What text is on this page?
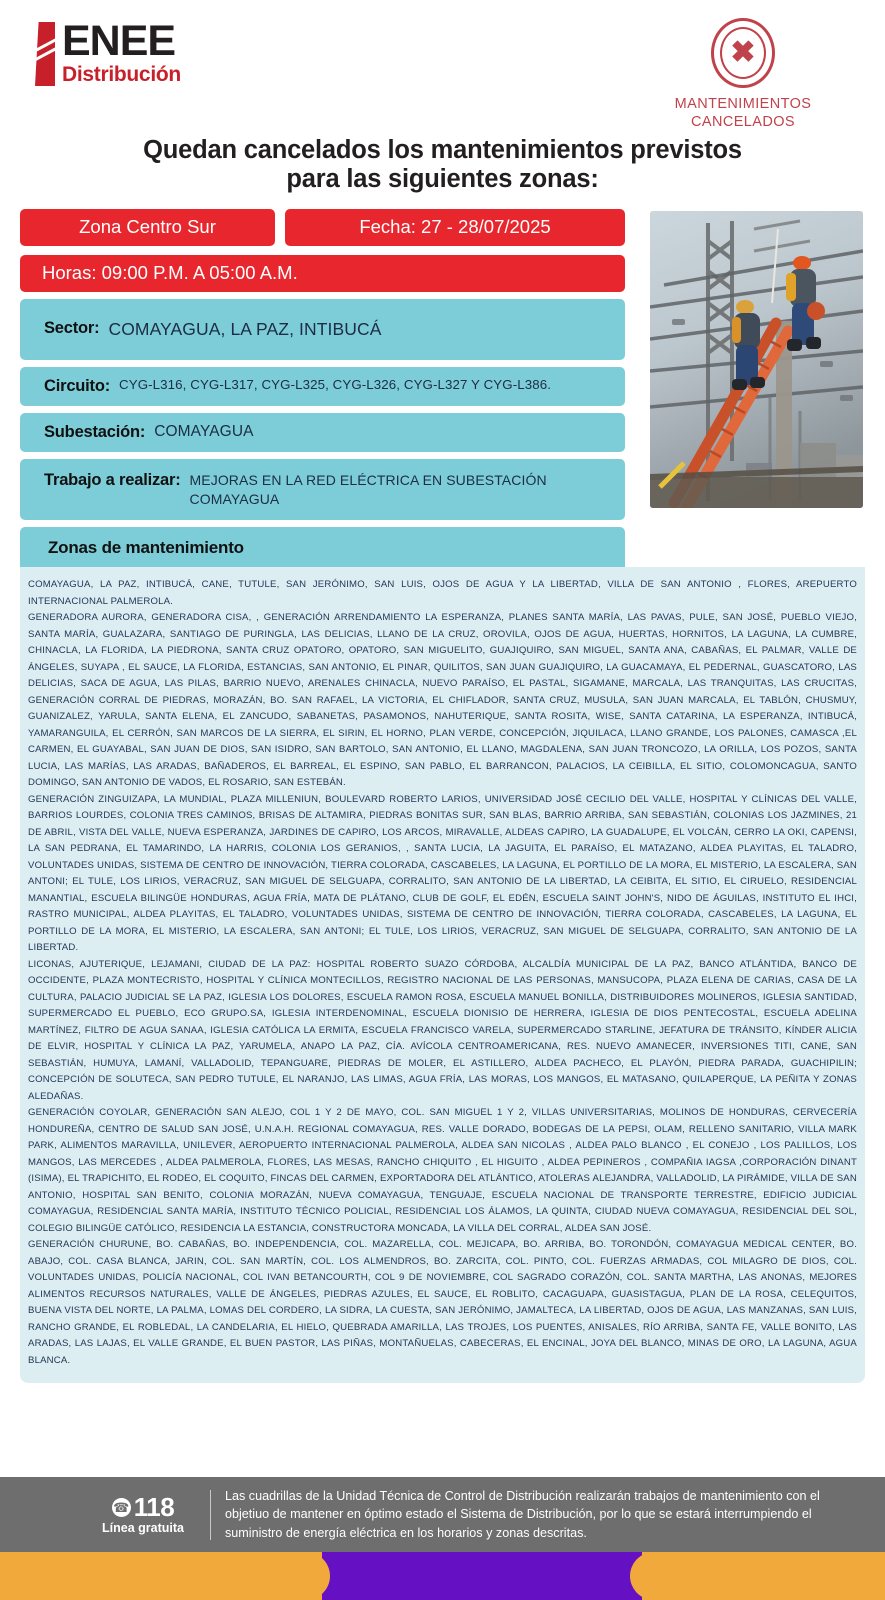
ENEE
Distribución
✖
MANTENIMIENTOS
CANCELADOS
Quedan cancelados los mantenimientos previstos
para las siguientes zonas:
Zona Centro Sur	Fecha: 27 - 28/07/2025
Horas: 09:00 P.M. A 05:00 A.M.
Sector: COMAYAGUA, LA PAZ, INTIBUCÁ
Circuito: CYG-L316, CYG-L317, CYG-L325, CYG-L326, CYG-L327 Y CYG-L386.
Subestación: COMAYAGUA
Trabajo a realizar: MEJORAS EN LA RED ELÉCTRICA EN SUBESTACIÓN COMAYAGUA
Zonas de mantenimiento

COMAYAGUA, LA PAZ, INTIBUCÁ, CANE, TUTULE, SAN JERÓNIMO, SAN LUIS, OJOS DE AGUA Y LA LIBERTAD, VILLA DE SAN ANTONIO , FLORES, AREPUERTO INTERNACIONAL PALMEROLA.

GENERADORA AURORA, GENERADORA CISA, , GENERACIÓN ARRENDAMIENTO LA ESPERANZA, PLANES SANTA MARÍA, LAS PAVAS, PULE, SAN JOSÉ, PUEBLO VIEJO, SANTA MARÍA, GUALAZARA, SANTIAGO DE PURINGLA, LAS DELICIAS, LLANO DE LA CRUZ, OROVILA, OJOS DE AGUA, HUERTAS, HORNITOS, LA LAGUNA, LA CUMBRE, CHINACLA, LA FLORIDA, LA PIEDRONA, SANTA CRUZ OPATORO, OPATORO, SAN MIGUELITO, GUAJIQUIRO, SAN MIGUEL, SANTA ANA, CABAÑAS, EL PALMAR, VALLE DE ÁNGELES, SUYAPA , EL SAUCE, LA FLORIDA, ESTANCIAS, SAN ANTONIO, EL PINAR, QUILITOS, SAN JUAN GUAJIQUIRO, LA GUACAMAYA, EL PEDERNAL, GUASCATORO, LAS DELICIAS, SACA DE AGUA, LAS PILAS, BARRIO NUEVO, ARENALES CHINACLA, NUEVO PARAÍSO, EL PASTAL, SIGAMANE, MARCALA, LAS TRANQUITAS, LAS CRUCITAS, GENERACIÓN CORRAL DE PIEDRAS, MORAZÁN, BO. SAN RAFAEL, LA VICTORIA, EL CHIFLADOR, SANTA CRUZ, MUSULA, SAN JUAN MARCALA, EL TABLÓN, CHUSMUY, GUANIZALEZ, YARULA, SANTA ELENA, EL ZANCUDO, SABANETAS, PASAMONOS, NAHUTERIQUE, SANTA ROSITA, WISE, SANTA CATARINA, LA ESPERANZA, INTIBUCÁ, YAMARANGUILA, EL CERRÓN, SAN MARCOS DE LA SIERRA, EL SIRIN, EL HORNO, PLAN VERDE, CONCEPCIÓN, JIQUILACA, LLANO GRANDE, LOS PALONES, CAMASCA ,EL CARMEN, EL GUAYABAL, SAN JUAN DE DIOS, SAN ISIDRO, SAN BARTOLO, SAN ANTONIO, EL LLANO, MAGDALENA, SAN JUAN TRONCOZO, LA ORILLA, LOS POZOS, SANTA LUCIA, LAS MARÍAS, LAS ARADAS, BAÑADEROS, EL BARREAL, EL ESPINO, SAN PABLO, EL BARRANCON, PALACIOS, LA CEIBILLA, EL SITIO, COLOMONCAGUA, SANTO DOMINGO, SAN ANTONIO DE VADOS, EL ROSARIO, SAN ESTEBÁN.

GENERACIÓN ZINGUIZAPA, LA MUNDIAL, PLAZA MILLENIUN, BOULEVARD ROBERTO LARIOS, UNIVERSIDAD JOSÉ CECILIO DEL VALLE, HOSPITAL Y CLÍNICAS DEL VALLE, BARRIOS LOURDES, COLONIA TRES CAMINOS, BRISAS DE ALTAMIRA, PIEDRAS BONITAS SUR, SAN BLAS, BARRIO ARRIBA, SAN SEBASTIÁN, COLONIAS LOS JAZMINES, 21 DE ABRIL, VISTA DEL VALLE, NUEVA ESPERANZA, JARDINES DE CAPIRO, LOS ARCOS, MIRAVALLE, ALDEAS CAPIRO, LA GUADALUPE, EL VOLCÁN, CERRO LA OKI, CAPENSI, LA SAN PEDRANA, EL TAMARINDO, LA HARRIS, COLONIA LOS GERANIOS, , SANTA LUCIA, LA JAGUITA, EL PARAÍSO, EL MATAZANO, ALDEA PLAYITAS, EL TALADRO, VOLUNTADES UNIDAS, SISTEMA DE CENTRO DE INNOVACIÓN, TIERRA COLORADA, CASCABELES, LA LAGUNA, EL PORTILLO DE LA MORA, EL MISTERIO, LA ESCALERA, SAN ANTONI; EL TULE, LOS LIRIOS, VERACRUZ, SAN MIGUEL DE SELGUAPA, CORRALITO, SAN ANTONIO DE LA LIBERTAD, LA CEIBITA, EL SITIO, EL CIRUELO, RESIDENCIAL MANANTIAL, ESCUELA BILINGÜE HONDURAS, AGUA FRÍA, MATA DE PLÁTANO, CLUB DE GOLF, EL EDÉN, ESCUELA SAINT JOHN'S, NIDO DE ÁGUILAS, INSTITUTO EL IHCI, RASTRO MUNICIPAL, ALDEA PLAYITAS, EL TALADRO, VOLUNTADES UNIDAS, SISTEMA DE CENTRO DE INNOVACIÓN, TIERRA COLORADA, CASCABELES, LA LAGUNA, EL PORTILLO DE LA MORA, EL MISTERIO, LA ESCALERA, SAN ANTONI; EL TULE, LOS LIRIOS, VERACRUZ, SAN MIGUEL DE SELGUAPA, CORRALITO, SAN ANTONIO DE LA LIBERTAD.

LICONAS, AJUTERIQUE, LEJAMANI, CIUDAD DE LA PAZ: HOSPITAL ROBERTO SUAZO CÓRDOBA, ALCALDÍA MUNICIPAL DE LA PAZ, BANCO ATLÁNTIDA, BANCO DE OCCIDENTE, PLAZA MONTECRISTO, HOSPITAL Y CLÍNICA MONTECILLOS, REGISTRO NACIONAL DE LAS PERSONAS, MANSUCOPA, PLAZA ELENA DE CARIAS, CASA DE LA CULTURA, PALACIO JUDICIAL SE LA PAZ, IGLESIA LOS DOLORES, ESCUELA RAMON ROSA, ESCUELA MANUEL BONILLA, DISTRIBUIDORES MOLINEROS, IGLESIA SANTIDAD, SUPERMERCADO EL PUEBLO, ECO GRUPO.SA, IGLESIA INTERDENOMINAL, ESCUELA DIONISIO DE HERRERA, IGLESIA DE DIOS PENTECOSTAL, ESCUELA ADELINA MARTÍNEZ, FILTRO DE AGUA SANAA, IGLESIA CATÓLICA LA ERMITA, ESCUELA FRANCISCO VARELA, SUPERMERCADO STARLINE, JEFATURA DE TRÁNSITO, KÍNDER ALICIA DE ELVIR, HOSPITAL Y CLÍNICA LA PAZ, YARUMELA, ANAPO LA PAZ, CÍA. AVÍCOLA CENTROAMERICANA, RES. NUEVO AMANECER, INVERSIONES TITI, CANE, SAN SEBASTIÁN, HUMUYA, LAMANÍ, VALLADOLID, TEPANGUARE, PIEDRAS DE MOLER, EL ASTILLERO, ALDEA PACHECO, EL PLAYÓN, PIEDRA PARADA, GUACHIPILIN; CONCEPCIÓN DE SOLUTECA, SAN PEDRO TUTULE, EL NARANJO, LAS LIMAS, AGUA FRÍA, LAS MORAS, LOS MANGOS, EL MATASANO, QUILAPERQUE, LA PEÑITA Y ZONAS ALEDAÑAS.

GENERACIÓN COYOLAR, GENERACIÓN SAN ALEJO, COL 1 Y 2 DE MAYO, COL. SAN MIGUEL 1 Y 2, VILLAS UNIVERSITARIAS, MOLINOS DE HONDURAS, CERVECERÍA HONDUREÑA, CENTRO DE SALUD SAN JOSÉ, U.N.A.H. REGIONAL COMAYAGUA, RES. VALLE DORADO, BODEGAS DE LA PEPSI, OLAM, RELLENO SANITARIO, VILLA MARK PARK, ALIMENTOS MARAVILLA, UNILEVER, AEROPUERTO INTERNACIONAL PALMEROLA, ALDEA SAN NICOLAS , ALDEA PALO BLANCO , EL CONEJO , LOS PALILLOS, LOS MANGOS, LAS MERCEDES , ALDEA PALMEROLA, FLORES, LAS MESAS, RANCHO CHIQUITO , EL HIGUITO , ALDEA PEPINEROS , COMPAÑIA IAGSA ,CORPORACIÓN DINANT (ISIMA), EL TRAPICHITO, EL RODEO, EL COQUITO, FINCAS DEL CARMEN, EXPORTADORA DEL ATLÁNTICO, ATOLERAS ALEJANDRA, VALLADOLID, LA PIRÁMIDE, VILLA DE SAN ANTONIO, HOSPITAL SAN BENITO, COLONIA MORAZÁN, NUEVA COMAYAGUA, TENGUAJE, ESCUELA NACIONAL DE TRANSPORTE TERRESTRE, EDIFICIO JUDICIAL COMAYAGUA, RESIDENCIAL SANTA MARÍA, INSTITUTO TÉCNICO POLICIAL, RESIDENCIAL LOS ÁLAMOS, LA QUINTA, CIUDAD NUEVA COMAYAGUA, RESIDENCIAL DEL SOL, COLEGIO BILINGÜE CATÓLICO, RESIDENCIA LA ESTANCIA, CONSTRUCTORA MONCADA, LA VILLA DEL CORRAL, ALDEA SAN JOSÉ.

GENERACIÓN CHURUNE, BO. CABAÑAS, BO. INDEPENDENCIA, COL. MAZARELLA, COL. MEJICAPA, BO. ARRIBA, BO. TORONDÓN, COMAYAGUA MEDICAL CENTER, BO. ABAJO, COL. CASA BLANCA, JARIN, COL. SAN MARTÍN, COL. LOS ALMENDROS, BO. ZARCITA, COL. PINTO, COL. FUERZAS ARMADAS, COL MILAGRO DE DIOS, COL. VOLUNTADES UNIDAS, POLICÍA NACIONAL, COL IVAN BETANCOURTH, COL 9 DE NOVIEMBRE, COL SAGRADO CORAZÓN, COL. SANTA MARTHA, LAS ANONAS, MEJORES ALIMENTOS RECURSOS NATURALES, VALLE DE ÁNGELES, PIEDRAS AZULES, EL SAUCE, EL ROBLITO, CACAGUAPA, GUASISTAGUA, PLAN DE LA ROSA, CELEQUITOS, BUENA VISTA DEL NORTE, LA PALMA, LOMAS DEL CORDERO, LA SIDRA, LA CUESTA, SAN JERÓNIMO, JAMALTECA, LA LIBERTAD, OJOS DE AGUA, LAS MANZANAS, SAN LUIS, RANCHO GRANDE, EL ROBLEDAL, LA CANDELARIA, EL HIELO, QUEBRADA AMARILLA, LAS TROJES, LOS PUENTES, ANISALES, RÍO ARRIBA, SANTA FE, VALLE BONITO, LAS ARADAS, LAS LAJAS, EL VALLE GRANDE, EL BUEN PASTOR, LAS PIÑAS, MONTAÑUELAS, CABECERAS, EL ENCINAL, JOYA DEL BLANCO, MINAS DE ORO, LA LAGUNA, AGUA BLANCA.

☎ 118
Línea gratuita
Las cuadrillas de la Unidad Técnica de Control de Distribución realizarán trabajos de mantenimiento con el objetiuo de mantener en óptimo estado el Sistema de Distribución, por lo que se estará interrumpiendo el suministro de energía eléctrica en los horarios y zonas descritas.
